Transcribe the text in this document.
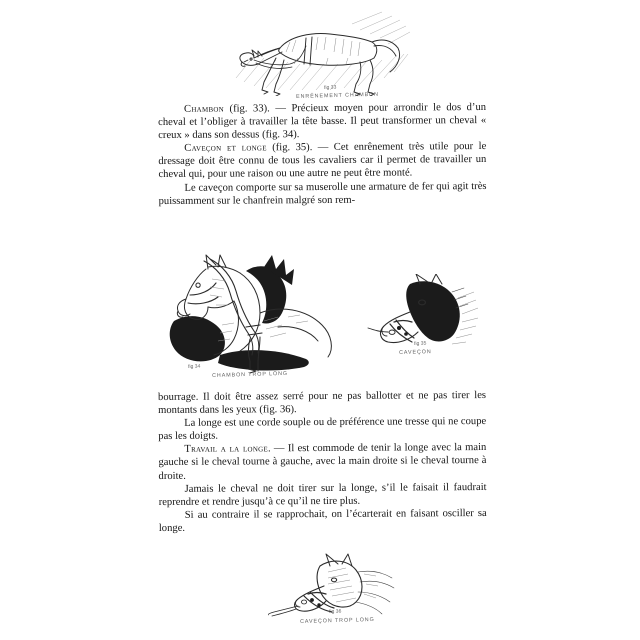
fig 33
ENRÊNEMENT CHAMBON

Chambon (fig. 33). — Précieux moyen pour arrondir le dos d’un cheval et l’obliger à travailler la tête basse. Il peut transformer un cheval « creux » dans son dessus (fig. 34).

Caveçon et longe (fig. 35). — Cet enrênement très utile pour le dressage doit être connu de tous les cavaliers car il permet de travailler un cheval qui, pour une raison ou une autre ne peut être monté.

Le caveçon comporte sur sa muserolle une armature de fer qui agit très puissamment sur le chanfrein malgré son rem-

fig 34
CHAMBON TROP LONG
fig 35
CAVEÇON

bourrage. Il doit être assez serré pour ne pas ballotter et ne pas tirer les montants dans les yeux (fig. 36).

La longe est une corde souple ou de préférence une tresse qui ne coupe pas les doigts.

Travail a la longe. — Il est commode de tenir la longe avec la main gauche si le cheval tourne à gauche, avec la main droite si le cheval tourne à droite.

Jamais le cheval ne doit tirer sur la longe, s’il le faisait il faudrait reprendre et rendre jusqu’à ce qu’il ne tire plus.

Si au contraire il se rapprochait, on l’écarterait en faisant osciller sa longe.

fig 36
CAVEÇON TROP LONG
